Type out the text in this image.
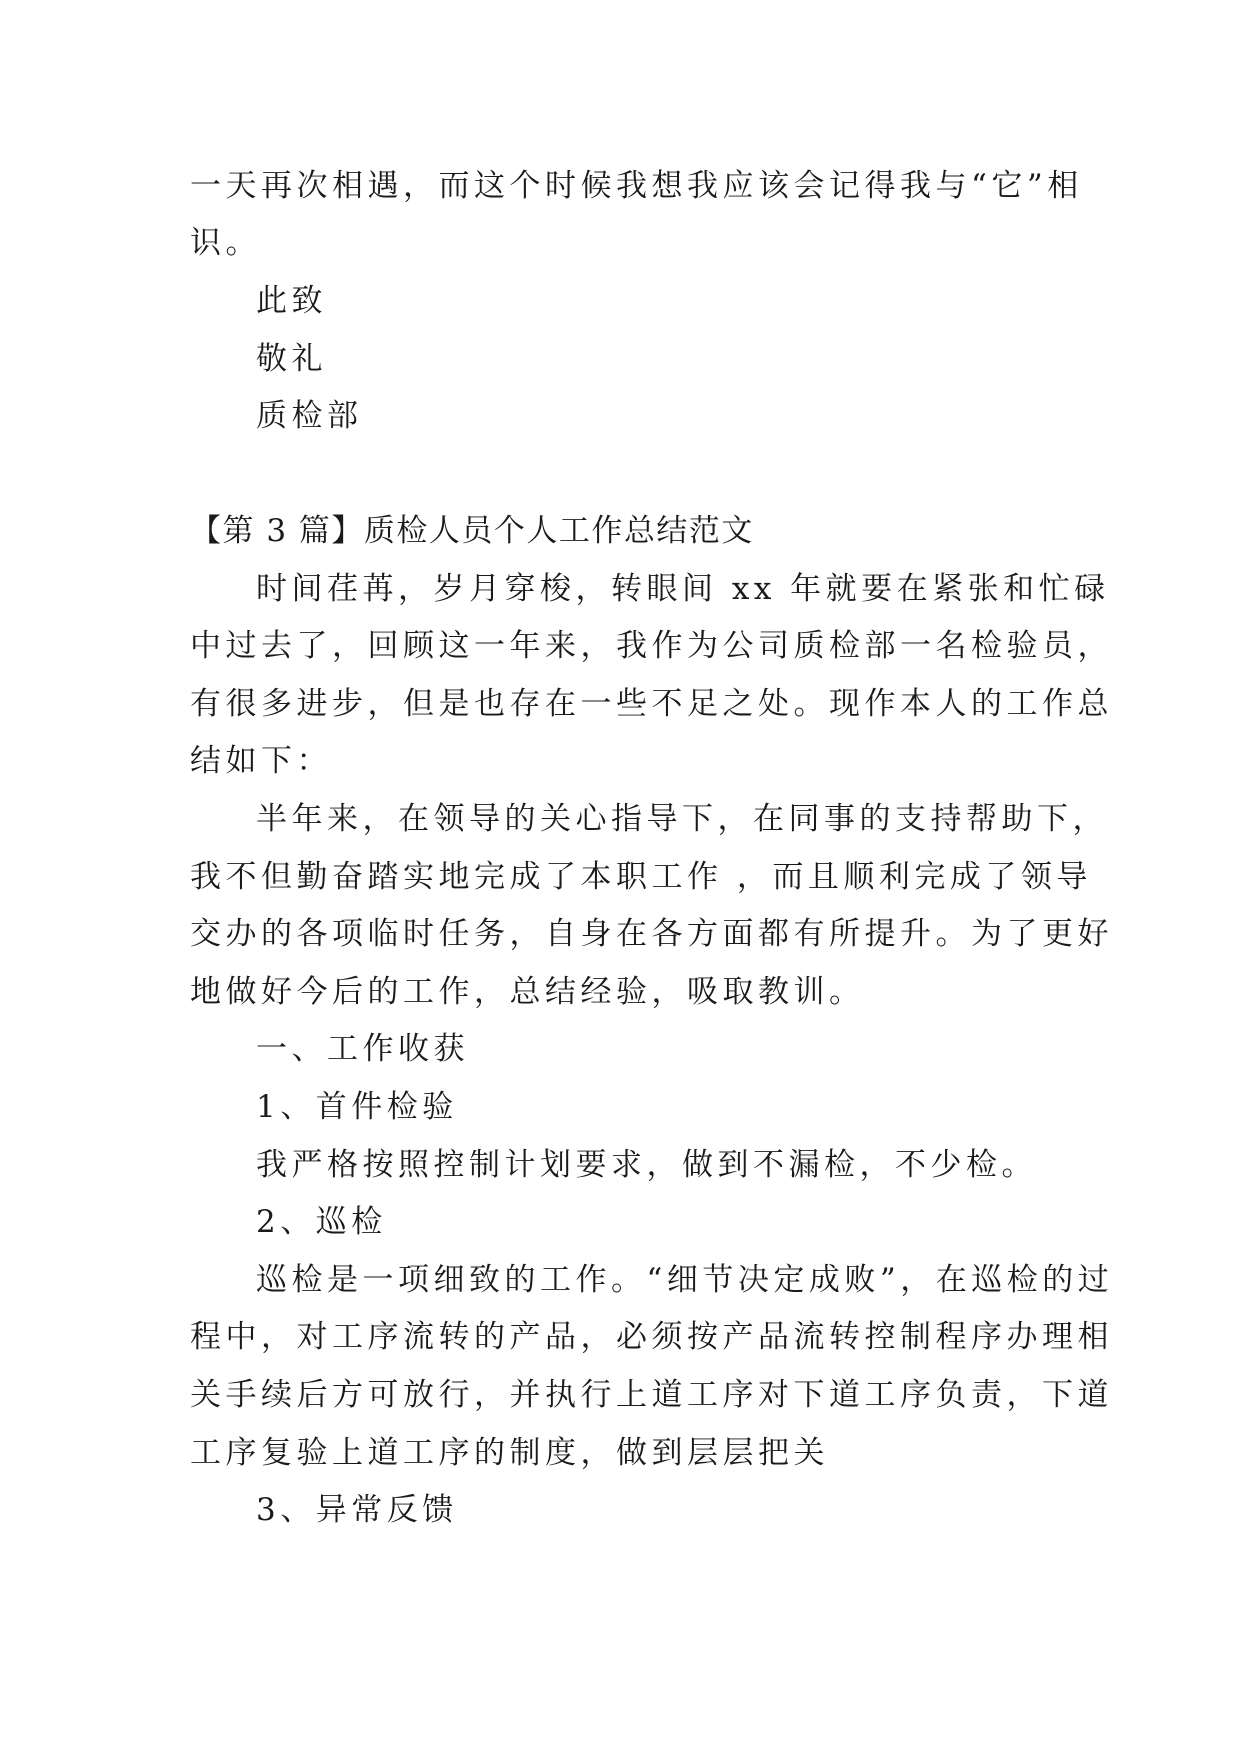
一天再次相遇，而这个时候我想我应该会记得我与“它”相
识。
此致
敬礼
质检部
【第 3 篇】质检人员个人工作总结范文
时间荏苒，岁月穿梭，转眼间 xx 年就要在紧张和忙碌
中过去了，回顾这一年来，我作为公司质检部一名检验员，
有很多进步，但是也存在一些不足之处。现作本人的工作总
结如下：
半年来，在领导的关心指导下，在同事的支持帮助下，
我不但勤奋踏实地完成了本职工作 ，而且顺利完成了领导
交办的各项临时任务，自身在各方面都有所提升。为了更好
地做好今后的工作，总结经验，吸取教训。
一、工作收获
1、首件检验
我严格按照控制计划要求，做到不漏检，不少检。
2、巡检
巡检是一项细致的工作。“细节决定成败”，在巡检的过
程中，对工序流转的产品，必须按产品流转控制程序办理相
关手续后方可放行，并执行上道工序对下道工序负责，下道
工序复验上道工序的制度，做到层层把关
3、异常反馈
